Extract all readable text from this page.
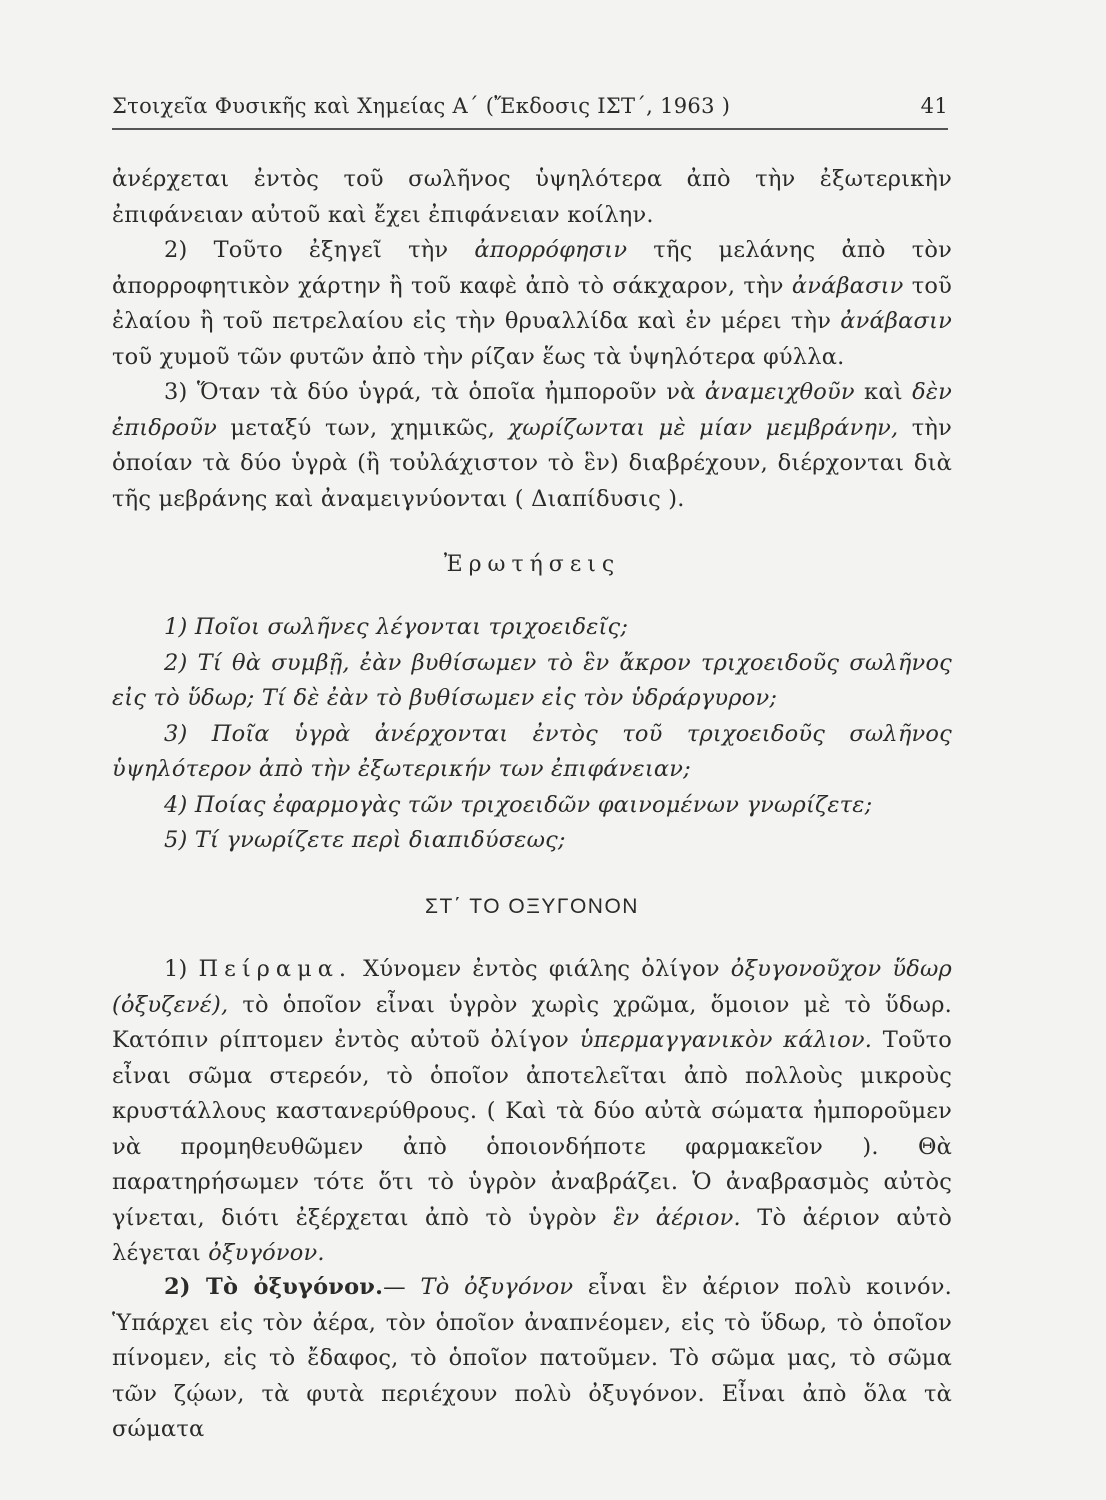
Στοιχεῖα Φυσικῆς καὶ Χημείας Α΄ (Ἔκδοσις ΙΣΤ΄, 1963 )	41

ἀνέρχεται ἐντὸς τοῦ σωλῆνος ὑψηλότερα ἀπὸ τὴν ἐξωτερικὴν ἐπιφάνειαν αὐτοῦ καὶ ἔχει ἐπιφάνειαν κοίλην.

2) Τοῦτο ἐξηγεῖ τὴν ἀπορρόφησιν τῆς μελάνης ἀπὸ τὸν ἀπορροφητικὸν χάρτην ἢ τοῦ καφὲ ἀπὸ τὸ σάκχαρον, τὴν ἀνάβασιν τοῦ ἐλαίου ἢ τοῦ πετρελαίου εἰς τὴν θρυαλλίδα καὶ ἐν μέρει τὴν ἀνάβασιν τοῦ χυμοῦ τῶν φυτῶν ἀπὸ τὴν ρίζαν ἕως τὰ ὑψηλότερα φύλλα.

3) Ὅταν τὰ δύο ὑγρά, τὰ ὁποῖα ἠμποροῦν νὰ ἀναμειχθοῦν καὶ δὲν ἐπιδροῦν μεταξύ των, χημικῶς, χωρίζωνται μὲ μίαν μεμβράνην, τὴν ὁποίαν τὰ δύο ὑγρὰ (ἢ τοὐλάχιστον τὸ ἓν) διαβρέχουν, διέρχονται διὰ τῆς μεβράνης καὶ ἀναμειγνύονται ( Διαπίδυσις ).

Ἐρωτήσεις

1) Ποῖοι σωλῆνες λέγονται τριχοειδεῖς;

2) Τί θὰ συμβῇ, ἐὰν βυθίσωμεν τὸ ἓν ἄκρον τριχοειδοῦς σωλῆνος εἰς τὸ ὕδωρ; Τί δὲ ἐὰν τὸ βυθίσωμεν εἰς τὸν ὑδράργυρον;

3) Ποῖα ὑγρὰ ἀνέρχονται ἐντὸς τοῦ τριχοειδοῦς σωλῆνος ὑψηλότερον ἀπὸ τὴν ἐξωτερικήν των ἐπιφάνειαν;

4) Ποίας ἐφαρμογὰς τῶν τριχοειδῶν φαινομένων γνωρίζετε;

5) Τί γνωρίζετε περὶ διαπιδύσεως;

ΣΤ΄ ΤΟ ΟΞΥΓΟΝΟΝ

1) Πείραμα. Χύνομεν ἐντὸς φιάλης ὀλίγον ὀξυγονοῦχον ὕδωρ (ὀξυζενέ), τὸ ὁποῖον εἶναι ὑγρὸν χωρὶς χρῶμα, ὅμοιον μὲ τὸ ὕδωρ. Κατόπιν ρίπτομεν ἐντὸς αὐτοῦ ὀλίγον ὑπερμαγγανικὸν κάλιον. Τοῦτο εἶναι σῶμα στερεόν, τὸ ὁποῖον ἀποτελεῖται ἀπὸ πολλοὺς μικροὺς κρυστάλλους καστανερύθρους. ( Καὶ τὰ δύο αὐτὰ σώματα ἠμποροῦμεν νὰ προμηθευθῶμεν ἀπὸ ὁποιονδήποτε φαρμακεῖον ). Θὰ παρατηρήσωμεν τότε ὅτι τὸ ὑγρὸν ἀναβράζει. Ὁ ἀναβρασμὸς αὐτὸς γίνεται, διότι ἐξέρχεται ἀπὸ τὸ ὑγρὸν ἓν ἀέριον. Τὸ ἀέριον αὐτὸ λέγεται ὀξυγόνον.

2) Τὸ ὀξυγόνον.— Τὸ ὀξυγόνον εἶναι ἓν ἀέριον πολὺ κοινόν. Ὑπάρχει εἰς τὸν ἀέρα, τὸν ὁποῖον ἀναπνέομεν, εἰς τὸ ὕδωρ, τὸ ὁποῖον πίνομεν, εἰς τὸ ἔδαφος, τὸ ὁποῖον πατοῦμεν. Τὸ σῶμα μας, τὸ σῶμα τῶν ζῴων, τὰ φυτὰ περιέχουν πολὺ ὀξυγόνον. Εἶναι ἀπὸ ὅλα τὰ σώματα
